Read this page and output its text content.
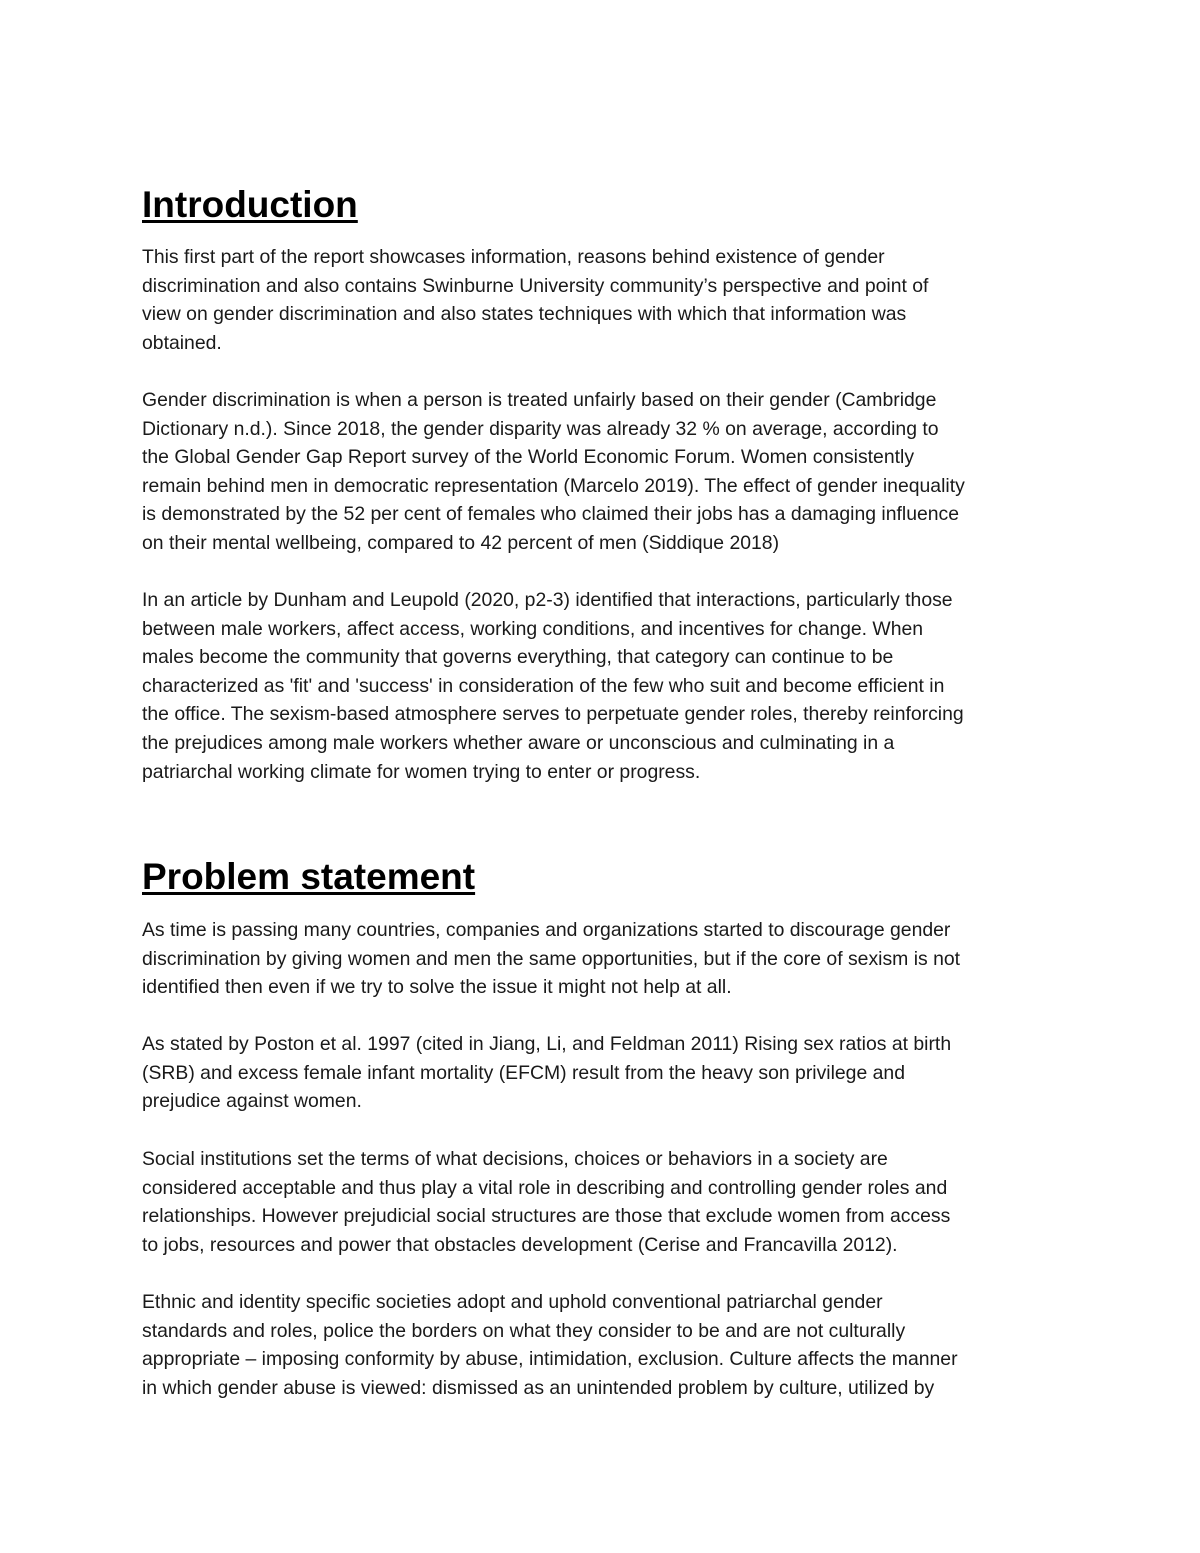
Introduction

This first part of the report showcases information, reasons behind existence of gender
discrimination and also contains Swinburne University community’s perspective and point of
view on gender discrimination and also states techniques with which that information was
obtained.

Gender discrimination is when a person is treated unfairly based on their gender (Cambridge
Dictionary n.d.). Since 2018, the gender disparity was already 32 % on average, according to
the Global Gender Gap Report survey of the World Economic Forum. Women consistently
remain behind men in democratic representation (Marcelo 2019). The effect of gender inequality
is demonstrated by the 52 per cent of females who claimed their jobs has a damaging influence
on their mental wellbeing, compared to 42 percent of men (Siddique 2018)

In an article by Dunham and Leupold (2020, p2-3) identified that interactions, particularly those
between male workers, affect access, working conditions, and incentives for change. When
males become the community that governs everything, that category can continue to be
characterized as 'fit' and 'success' in consideration of the few who suit and become efficient in
the office. The sexism-based atmosphere serves to perpetuate gender roles, thereby reinforcing
the prejudices among male workers whether aware or unconscious and culminating in a
patriarchal working climate for women trying to enter or progress.

Problem statement

As time is passing many countries, companies and organizations started to discourage gender
discrimination by giving women and men the same opportunities, but if the core of sexism is not
identified then even if we try to solve the issue it might not help at all.

As stated by Poston et al. 1997 (cited in Jiang, Li, and Feldman 2011) Rising sex ratios at birth
(SRB) and excess female infant mortality (EFCM) result from the heavy son privilege and
prejudice against women.

Social institutions set the terms of what decisions, choices or behaviors in a society are
considered acceptable and thus play a vital role in describing and controlling gender roles and
relationships. However prejudicial social structures are those that exclude women from access
to jobs, resources and power that obstacles development (Cerise and Francavilla 2012).

Ethnic and identity specific societies adopt and uphold conventional patriarchal gender
standards and roles, police the borders on what they consider to be and are not culturally
appropriate – imposing conformity by abuse, intimidation, exclusion. Culture affects the manner
in which gender abuse is viewed: dismissed as an unintended problem by culture, utilized by
